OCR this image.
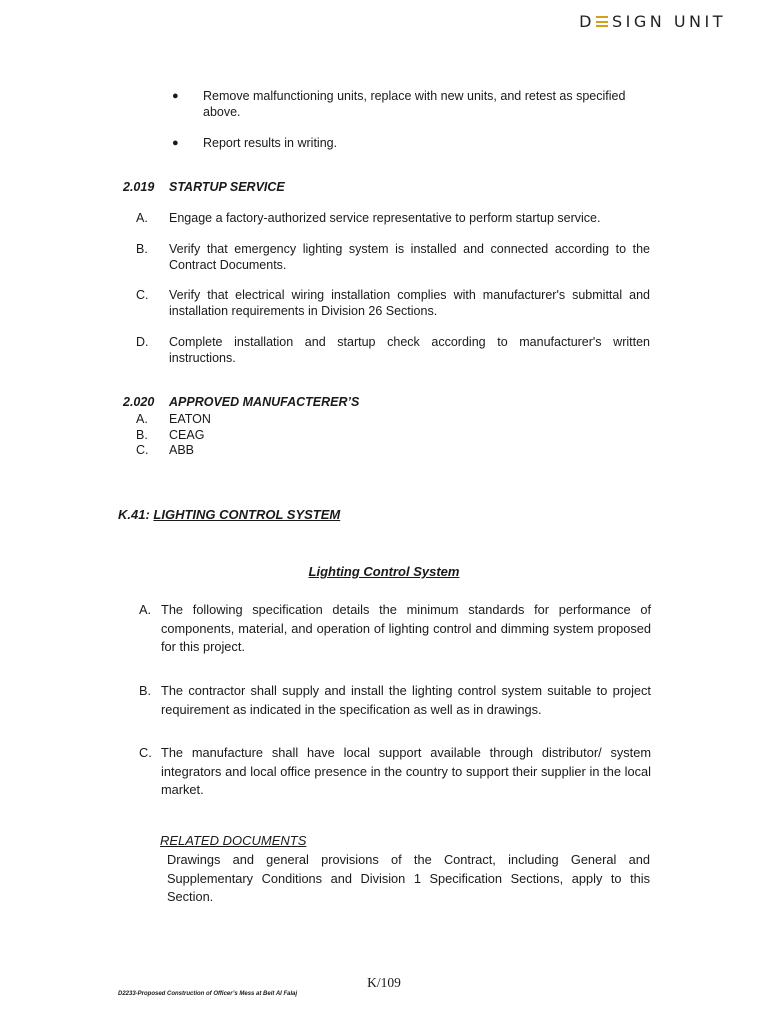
D SIGN UNIT
●	Remove malfunctioning units, replace with new units, and retest as specified above.
●	Report results in writing.
2.019 STARTUP SERVICE
A.	Engage a factory-authorized service representative to perform startup service.
B.	Verify that emergency lighting system is installed and connected according to the Contract Documents.
C.	Verify that electrical wiring installation complies with manufacturer's submittal and installation requirements in Division 26 Sections.
D.	Complete installation and startup check according to manufacturer's written instructions.
2.020 APPROVED MANUFACTERER’S
A.	EATON
B.	CEAG
C.	ABB
K.41: LIGHTING CONTROL SYSTEM
Lighting Control System
A. The following specification details the minimum standards for performance of components, material, and operation of lighting control and dimming system proposed for this project.
B. The contractor shall supply and install the lighting control system suitable to project requirement as indicated in the specification as well as in drawings.
C. The manufacture shall have local support available through distributor/ system integrators and local office presence in the country to support their supplier in the local market.
RELATED DOCUMENTS
Drawings and general provisions of the Contract, including General and Supplementary Conditions and Division 1 Specification Sections, apply to this Section.
K/109
D2233-Proposed Construction of Officer’s Mess at Beit Al Falaj
